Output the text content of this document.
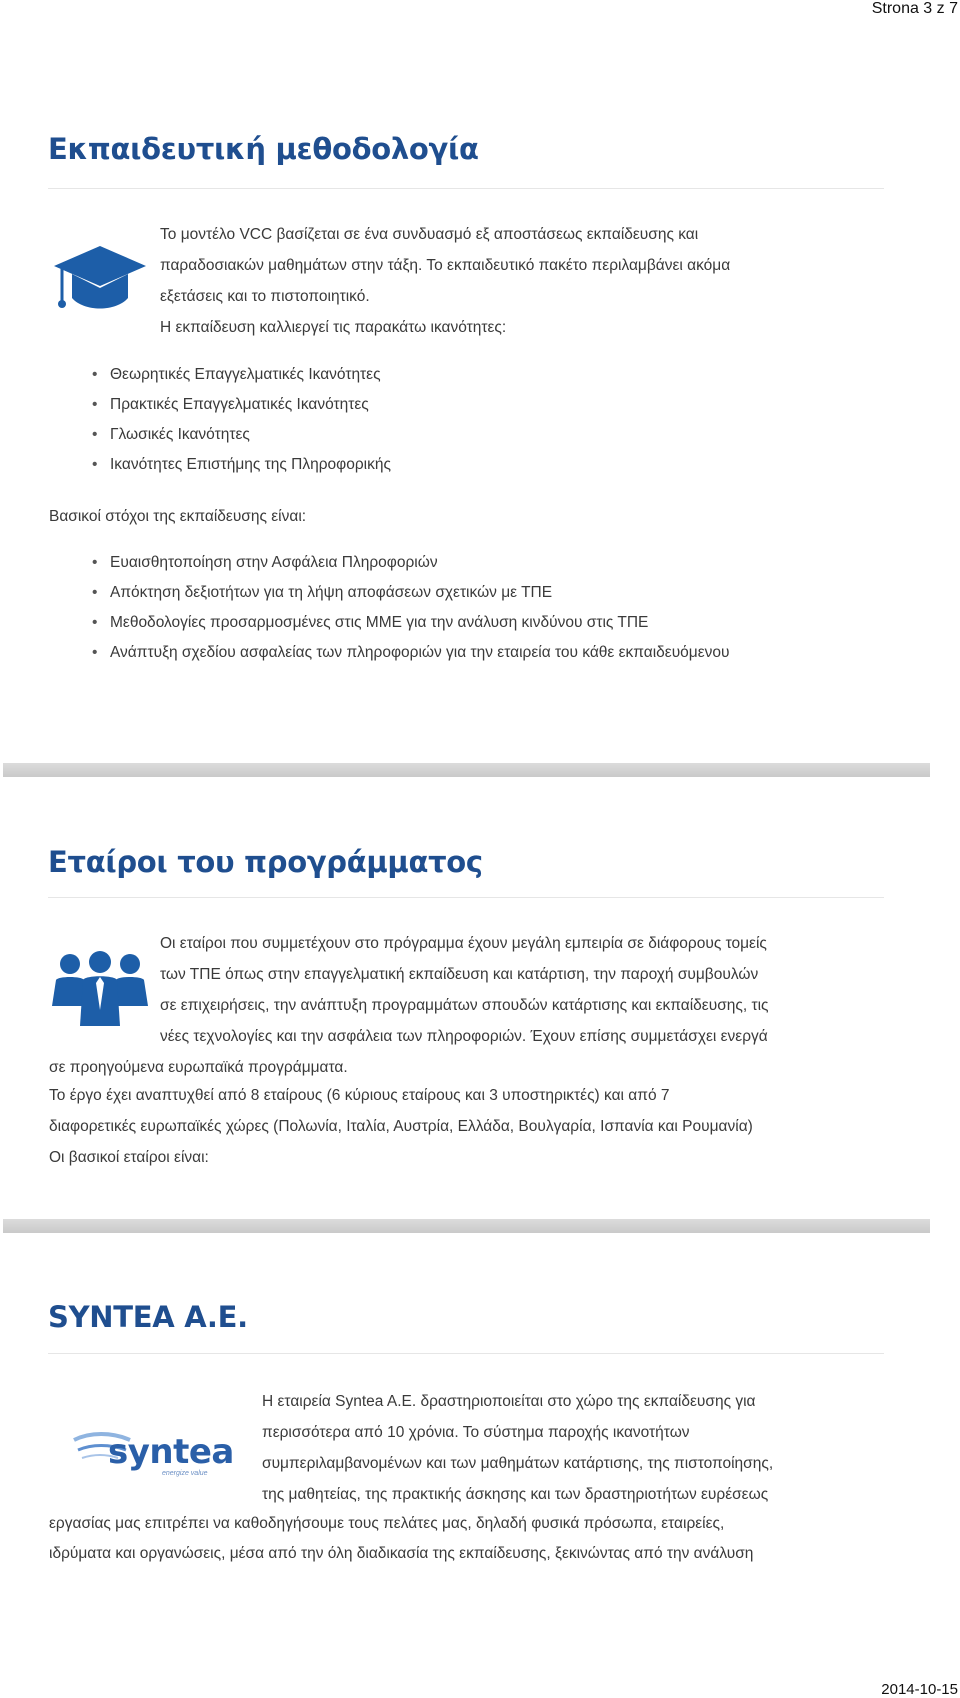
Strona 3 z 7
2014-10-15
Εκπαιδευτική μεθοδολογία

Το μοντέλο VCC βασίζεται σε ένα συνδυασμό εξ αποστάσεως εκπαίδευσης και

παραδοσιακών μαθημάτων στην τάξη. Το εκπαιδευτικό πακέτο περιλαμβάνει ακόμα

εξετάσεις και το πιστοποιητικό.

Η εκπαίδευση καλλιεργεί τις παρακάτω ικανότητες:

• Θεωρητικές Επαγγελματικές Ικανότητες
• Πρακτικές Επαγγελματικές Ικανότητες
• Γλωσικές Ικανότητες
• Ικανότητες Επιστήμης της Πληροφορικής

Βασικοί στόχοι της εκπαίδευσης είναι:

• Ευαισθητοποίηση στην Ασφάλεια Πληροφοριών
• Απόκτηση δεξιοτήτων για τη λήψη αποφάσεων σχετικών με ΤΠΕ
• Μεθοδολογίες προσαρμοσμένες στις ΜΜΕ για την ανάλυση κινδύνου στις ΤΠΕ
• Ανάπτυξη σχεδίου ασφαλείας των πληροφοριών για την εταιρεία του κάθε εκπαιδευόμενου
Εταίροι του προγράμματος

Οι εταίροι που συμμετέχουν στο πρόγραμμα έχουν μεγάλη εμπειρία σε διάφορους τομείς

των ΤΠΕ όπως στην επαγγελματική εκπαίδευση και κατάρτιση, την παροχή συμβουλών

σε επιχειρήσεις, την ανάπτυξη προγραμμάτων σπουδών κατάρτισης και εκπαίδευσης, τις

νέες τεχνολογίες και την ασφάλεια των πληροφοριών. Έχουν επίσης συμμετάσχει ενεργά

σε προηγούμενα ευρωπαϊκά προγράμματα.

Το έργο έχει αναπτυχθεί από 8 εταίρους (6 κύριους εταίρους και 3 υποστηρικτές) και από 7

διαφορετικές ευρωπαϊκές χώρες (Πολωνία, Ιταλία, Αυστρία, Ελλάδα, Βουλγαρία, Ισπανία και Ρουμανία)

Οι βασικοί εταίροι είναι:

SYNTEA A.E.
syntea
energize value

Η εταιρεία Syntea A.E. δραστηριοποιείται στο χώρο της εκπαίδευσης για

περισσότερα από 10 χρόνια. Το σύστημα παροχής ικανοτήτων

συμπεριλαμβανομένων και των μαθημάτων κατάρτισης, της πιστοποίησης,

της μαθητείας, της πρακτικής άσκησης και των δραστηριοτήτων ευρέσεως

εργασίας μας επιτρέπει να καθοδηγήσουμε τους πελάτες μας, δηλαδή φυσικά πρόσωπα, εταιρείες,

ιδρύματα και οργανώσεις, μέσα από την όλη διαδικασία της εκπαίδευσης, ξεκινώντας από την ανάλυση
